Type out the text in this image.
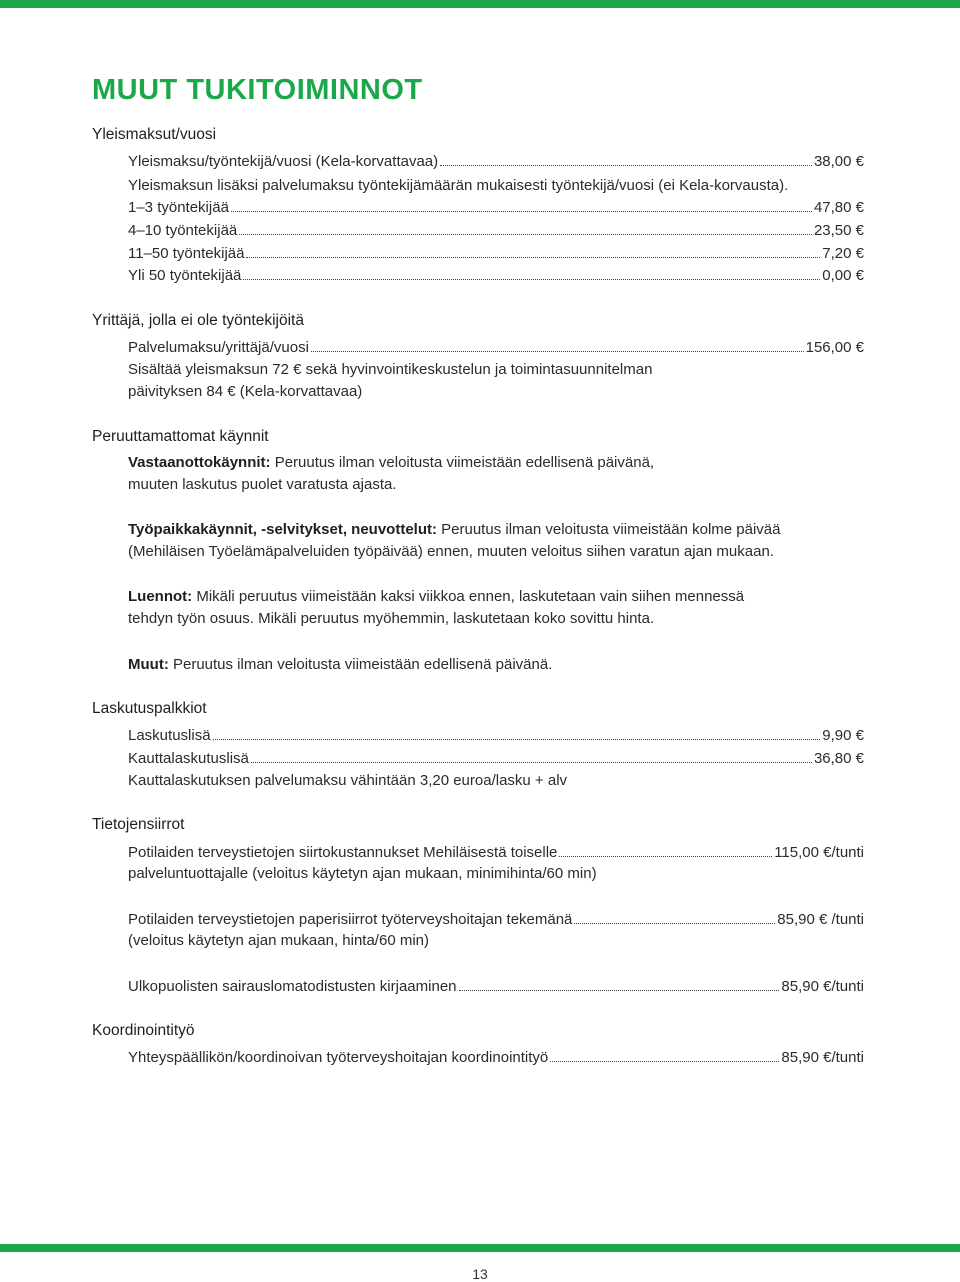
MUUT TUKITOIMINNOT
Yleismaksut/vuosi
Yleismaksu/työntekijä/vuosi (Kela-korvattavaa)	38,00 €
Yleismaksun lisäksi palvelumaksu työntekijämäärän mukaisesti työntekijä/vuosi (ei Kela-korvausta).
1–3 työntekijää	47,80 €
4–10 työntekijää	23,50 €
11–50 työntekijää	7,20 €
Yli 50 työntekijää	0,00 €
Yrittäjä, jolla ei ole työntekijöitä
Palvelumaksu/yrittäjä/vuosi	156,00 €
Sisältää yleismaksun 72 € sekä hyvinvointikeskustelun ja toimintasuunnitelman
päivityksen 84 € (Kela-korvattavaa)
Peruuttamattomat käynnit
Vastaanottokäynnit: Peruutus ilman veloitusta viimeistään edellisenä päivänä,
muuten laskutus puolet varatusta ajasta.
Työpaikkakäynnit, -selvitykset, neuvottelut: Peruutus ilman veloitusta viimeistään kolme päivää
(Mehiläisen Työelämäpalveluiden työpäivää) ennen, muuten veloitus siihen varatun ajan mukaan.
Luennot: Mikäli peruutus viimeistään kaksi viikkoa ennen, laskutetaan vain siihen mennessä
tehdyn työn osuus. Mikäli peruutus myöhemmin, laskutetaan koko sovittu hinta.
Muut: Peruutus ilman veloitusta viimeistään edellisenä päivänä.
Laskutuspalkkiot
Laskutuslisä	9,90 €
Kauttalaskutuslisä	36,80 €
Kauttalaskutuksen palvelumaksu vähintään 3,20 euroa/lasku + alv
Tietojensiirrot
Potilaiden terveystietojen siirtokustannukset Mehiläisestä toiselle	115,00 €/tunti
palveluntuottajalle (veloitus käytetyn ajan mukaan, minimihinta/60 min)
Potilaiden terveystietojen paperisiirrot työterveyshoitajan tekemänä	85,90 € /tunti
(veloitus käytetyn ajan mukaan, hinta/60 min)
Ulkopuolisten sairauslomatodistusten kirjaaminen	85,90 €/tunti
Koordinointityö
Yhteyspäällikön/koordinoivan työterveyshoitajan koordinointityö	85,90 €/tunti
13
